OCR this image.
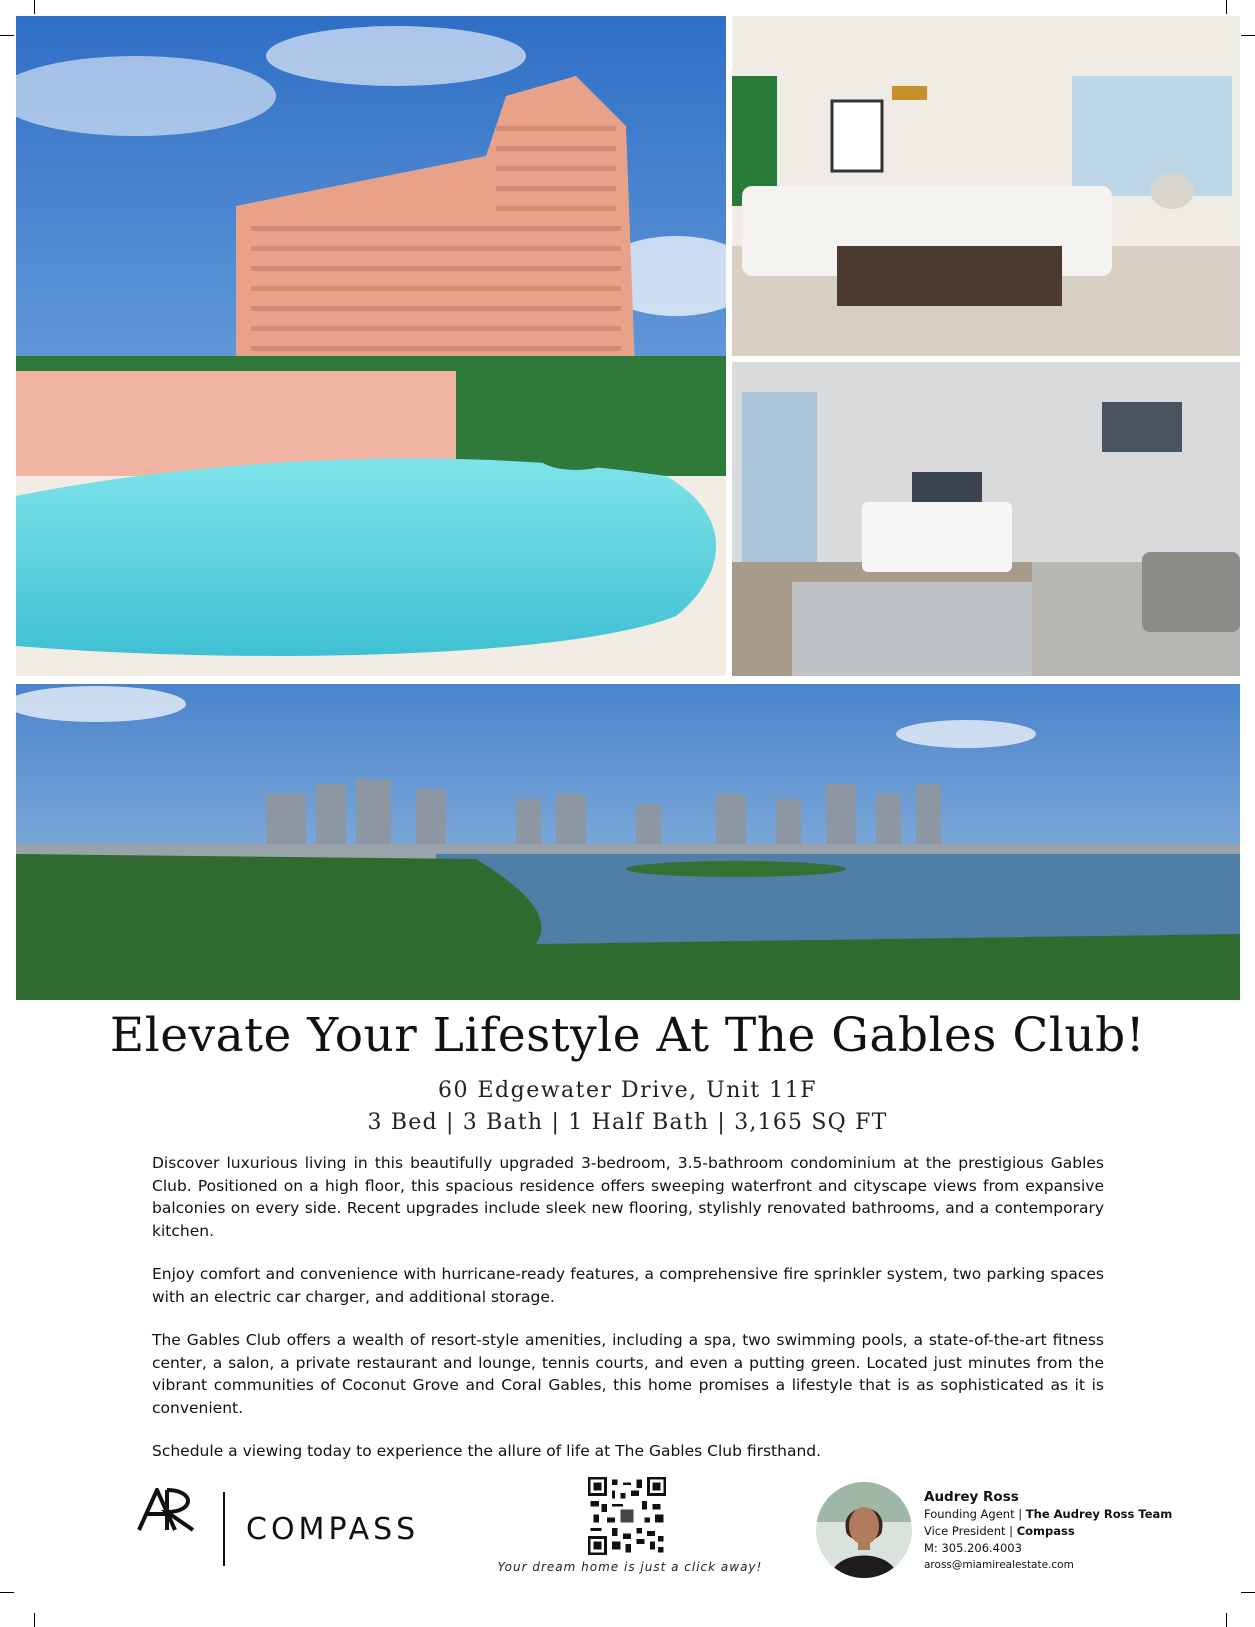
Elevate Your Lifestyle At The Gables Club!
60 Edgewater Drive, Unit 11F
3 Bed | 3 Bath | 1 Half Bath | 3,165 SQ FT

Discover luxurious living in this beautifully upgraded 3-bedroom, 3.5-bathroom condominium at the prestigious Gables Club. Positioned on a high floor, this spacious residence offers sweeping waterfront and cityscape views from expansive balconies on every side. Recent upgrades include sleek new flooring, stylishly renovated bathrooms, and a contemporary kitchen.

Enjoy comfort and convenience with hurricane-ready features, a comprehensive fire sprinkler system, two parking spaces with an electric car charger, and additional storage.

The Gables Club offers a wealth of resort-style amenities, including a spa, two swimming pools, a state-of-the-art fitness center, a salon, a private restaurant and lounge, tennis courts, and even a putting green. Located just minutes from the vibrant communities of Coconut Grove and Coral Gables, this home promises a lifestyle that is as sophisticated as it is convenient.

Schedule a viewing today to experience the allure of life at The Gables Club firsthand.

COMPASS
Your dream home is just a click away!
Audrey Ross
Founding Agent | The Audrey Ross Team
Vice President | Compass
M: 305.206.4003
aross@miamirealestate.com
